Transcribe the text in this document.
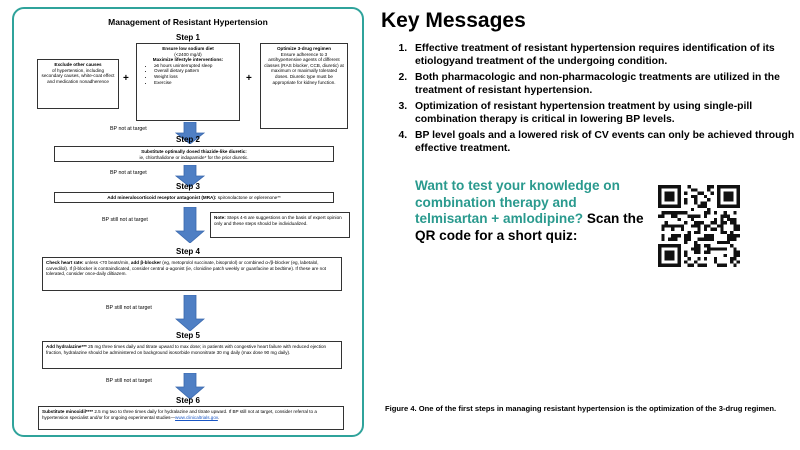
Management of Resistant Hypertension
Step 1
Exclude other causes
of hypertension, including secondary causes, white-coat effect and medication nonadherence	+
Ensure low sodium diet
(<2400 mg/d)
Maximize lifestyle interventions:
• ≥6 hours uninterrupted sleep
• Overall dietary pattern
• Weight loss
• Exercise	+
Optimize 3-drug regimen
Ensure adherence to 3 antihypertensive agents of different classes (RAS blocker, CCB, diuretic) at maximum or maximally tolerated doses. Diuretic type must be appropriate for kidney function.
BP not at target
Step 2
Substitute optimally dosed thiazide-like diuretic:
ie, chlorthalidone or indapamide* for the prior diuretic.
BP not at target
Step 3
Add mineralocorticoid receptor antagonist (MRA): spironolactone or eplerenone**
BP still not at target	Note: Steps 4-6 are suggestions on the basis of expert opinion only and these steps should be individualized.
Step 4
Check heart rate: unless <70 beats/min, add β-blocker (eg, metoprolol succinate, bisoprolol) or combined α-/β-blocker (eg, labetalol, carvedilol). If β-blocker is contraindicated, consider central α-agonist (ie, clonidine patch weekly or guanfacine at bedtime). If these are not tolerated, consider once-daily diltiazem.
BP still not at target
Step 5
Add hydralazine*** 25 mg three times daily and titrate upward to max dose; in patients with congestive heart failure with reduced ejection fraction, hydralazine should be administered on background isosorbide mononitrate 30 mg daily (max dose 90 mg daily).
BP still not at target
Step 6
Substitute minoxidil**** 2.5 mg two to three times daily for hydralazine and titrate upward. If BP still not at target, consider referral to a hypertension specialist and/or for ongoing experimental studies—www.clinicaltrials.gov.
Key Messages
1. Effective treatment of resistant hypertension requires identification of its etiologyand treatment of the undergoing condition.
2. Both pharmacologic and non-pharmacologic treatments are utilized in the treatment of resistant hypertension.
3. Optimization of resistant hypertension treatment by using single-pill combination therapy is critical in lowering BP levels.
4. BP level goals and a lowered risk of CV events can only be achieved through effective treatment.
Want to test your knowledge on combination therapy and telmisartan + amlodipine? Scan the QR code for a short quiz:
Figure 4. One of the first steps in managing resistant hypertension is the optimization of the 3-drug regimen.
